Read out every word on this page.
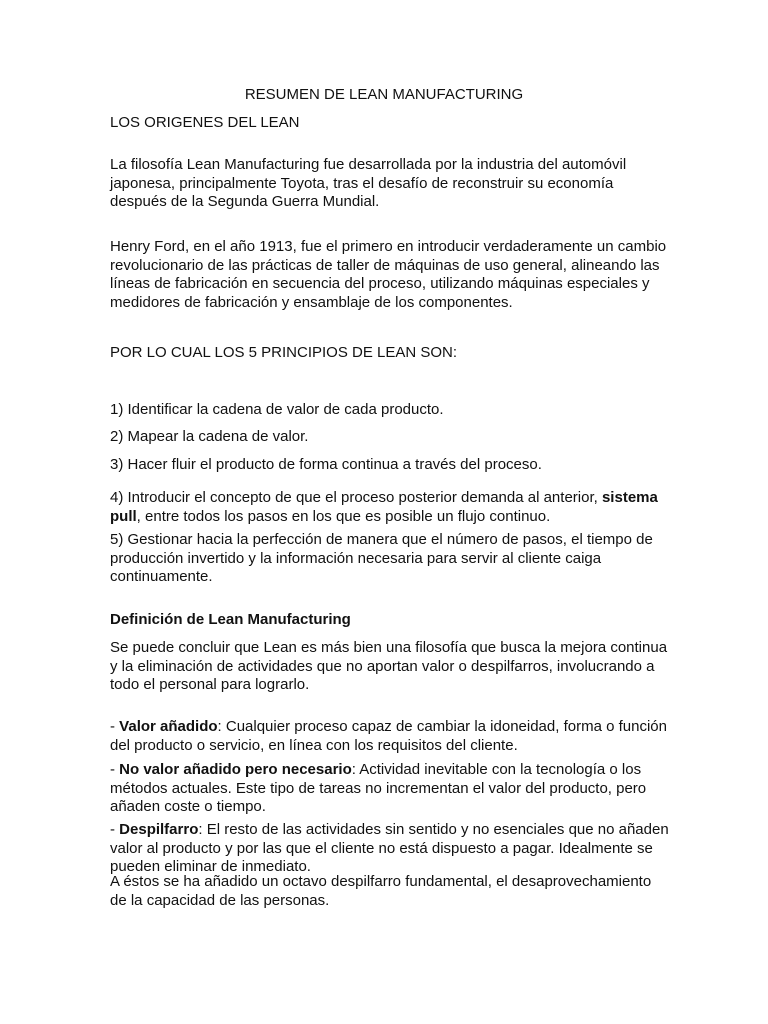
RESUMEN DE LEAN MANUFACTURING

LOS ORIGENES DEL LEAN

La filosofía Lean Manufacturing fue desarrollada por la industria del automóvil japonesa, principalmente Toyota, tras el desafío de reconstruir su economía después de la Segunda Guerra Mundial.

Henry Ford, en el año 1913, fue el primero en introducir verdaderamente un cambio revolucionario de las prácticas de taller de máquinas de uso general, alineando las líneas de fabricación en secuencia del proceso, utilizando máquinas especiales y medidores de fabricación y ensamblaje de los componentes.

POR LO CUAL LOS 5 PRINCIPIOS DE LEAN SON:

1) Identificar la cadena de valor de cada producto.

2) Mapear la cadena de valor.

3) Hacer fluir el producto de forma continua a través del proceso.

4) Introducir el concepto de que el proceso posterior demanda al anterior, sistema pull, entre todos los pasos en los que es posible un flujo continuo.

5) Gestionar hacia la perfección de manera que el número de pasos, el tiempo de producción invertido y la información necesaria para servir al cliente caiga continuamente.

Definición de Lean Manufacturing

Se puede concluir que Lean es más bien una filosofía que busca la mejora continua y la eliminación de actividades que no aportan valor o despilfarros, involucrando a todo el personal para lograrlo.

- Valor añadido: Cualquier proceso capaz de cambiar la idoneidad, forma o función del producto o servicio, en línea con los requisitos del cliente.

- No valor añadido pero necesario: Actividad inevitable con la tecnología o los métodos actuales. Este tipo de tareas no incrementan el valor del producto, pero añaden coste o tiempo.

- Despilfarro: El resto de las actividades sin sentido y no esenciales que no añaden valor al producto y por las que el cliente no está dispuesto a pagar. Idealmente se pueden eliminar de inmediato.

A éstos se ha añadido un octavo despilfarro fundamental, el desaprovechamiento de la capacidad de las personas.
